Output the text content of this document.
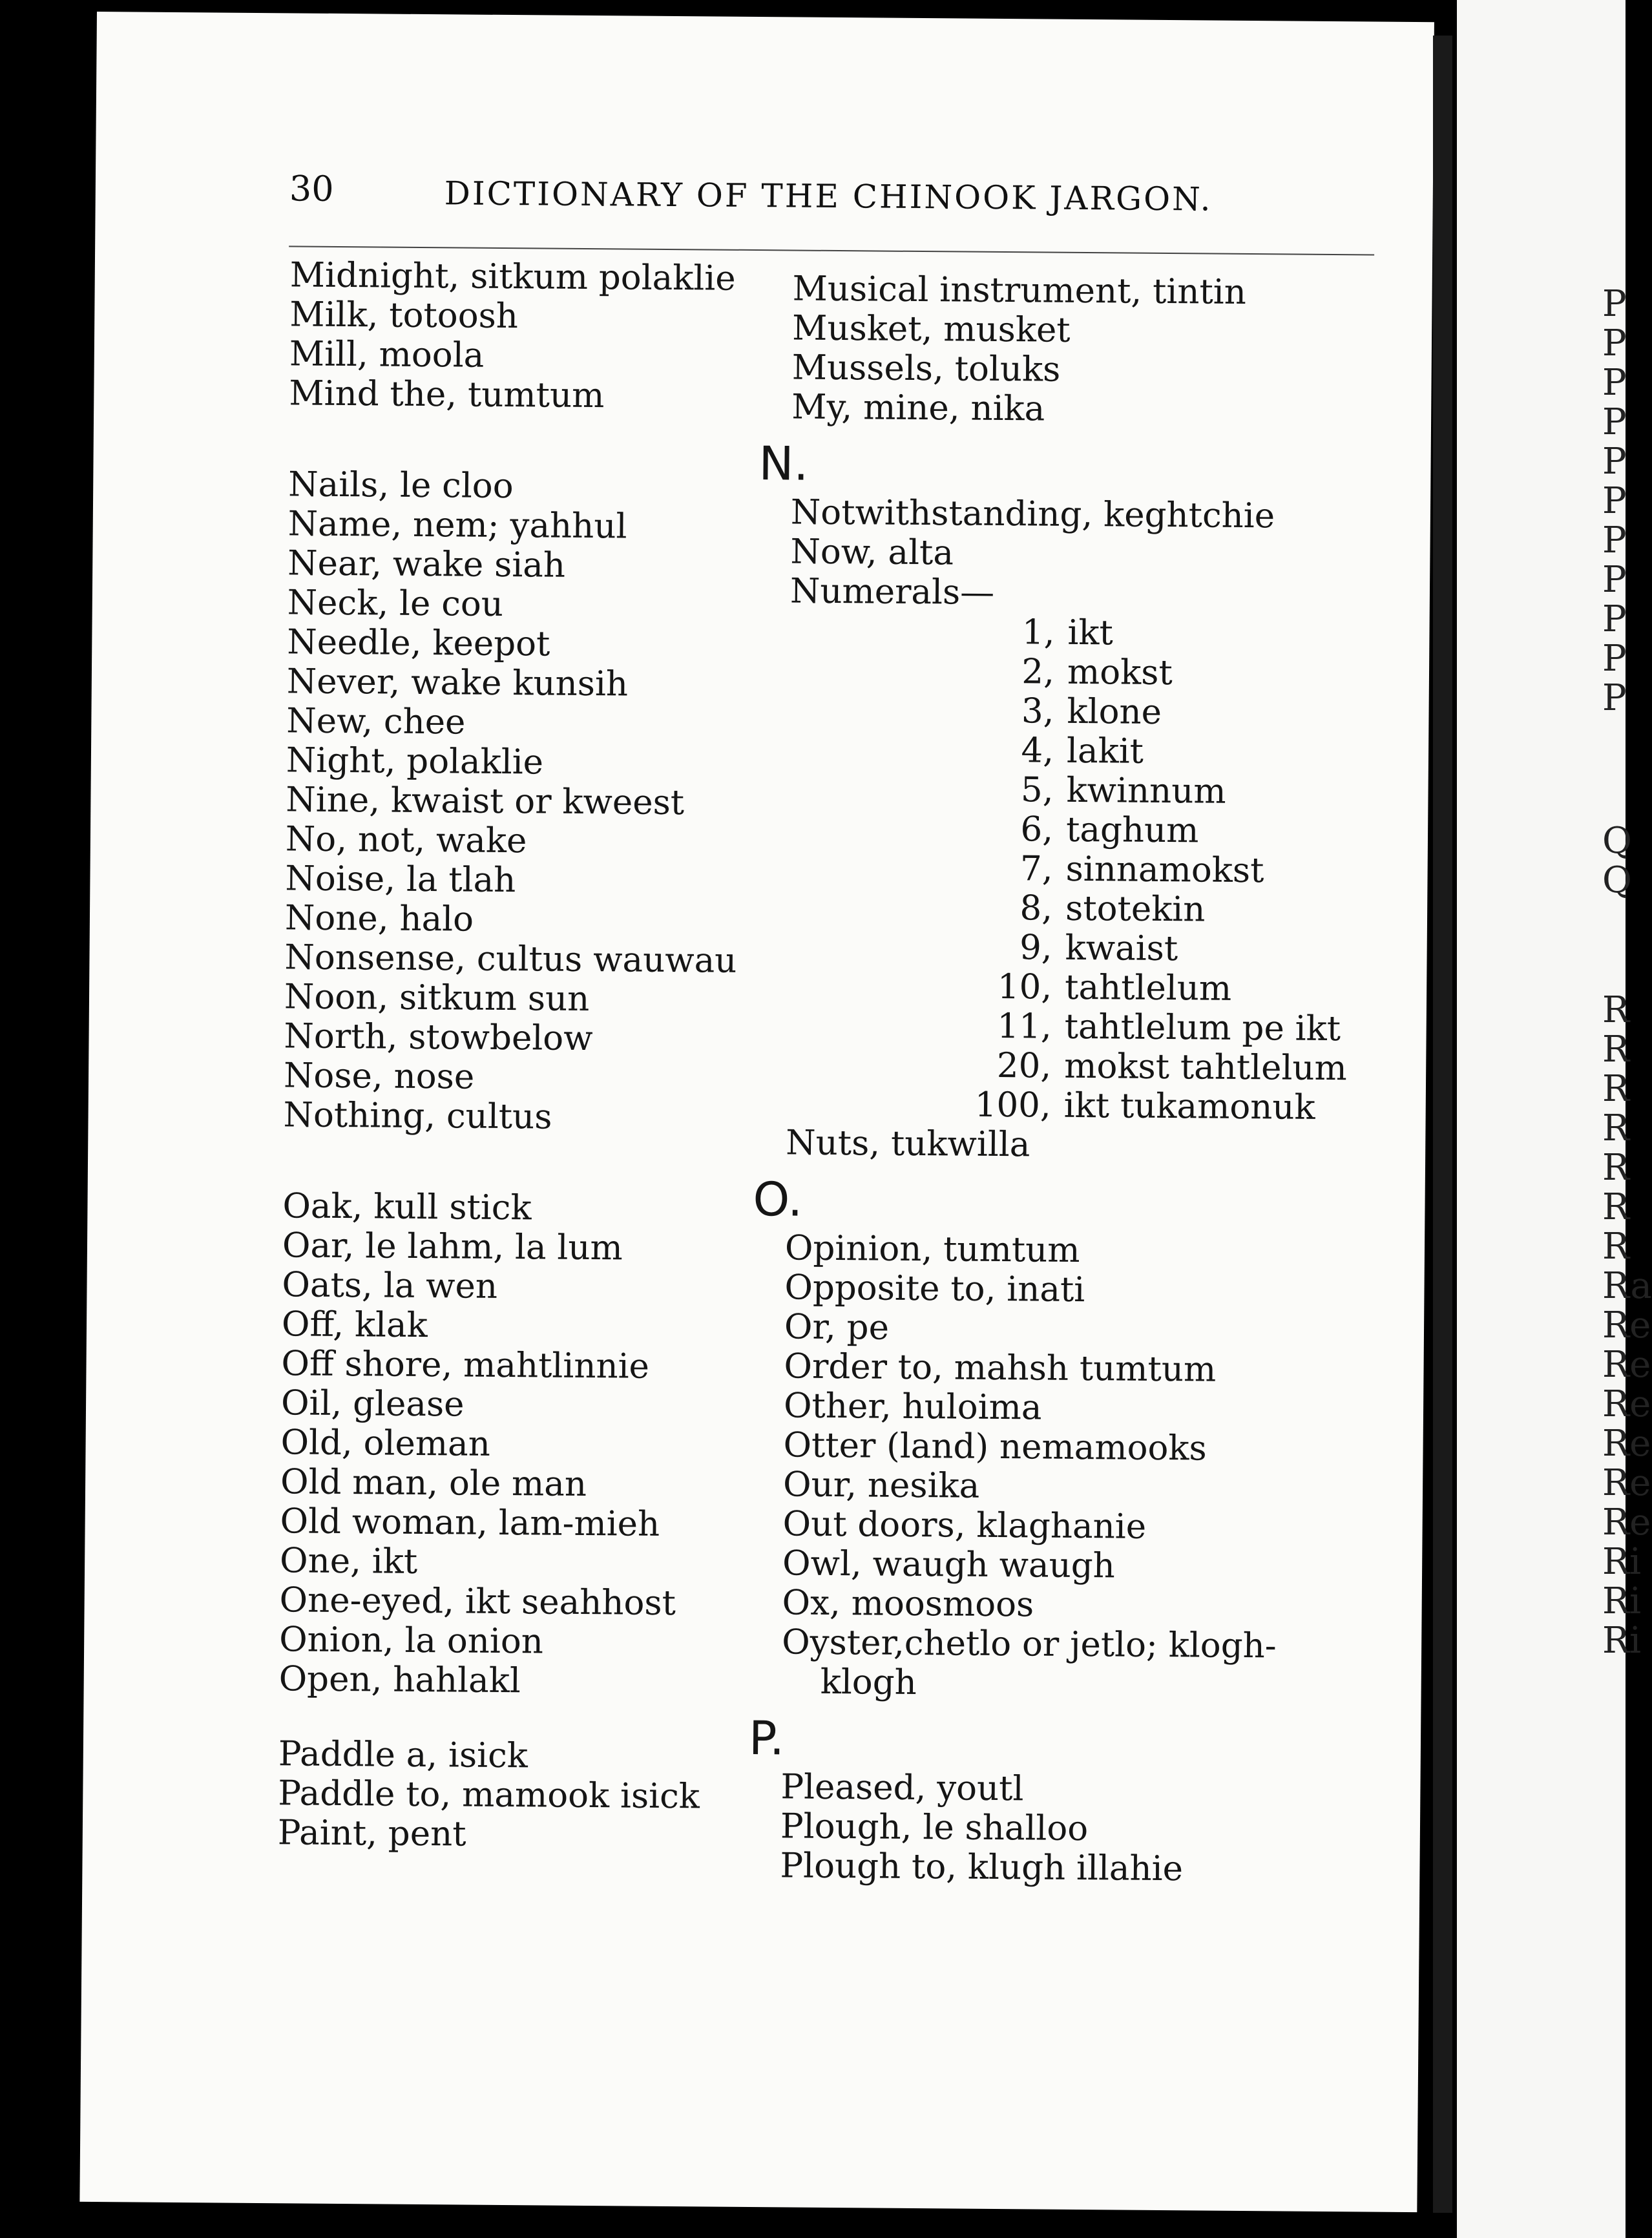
30	DICTIONARY OF THE CHINOOK JARGON.
Midnight, sitkum polaklie
Milk, totoosh
Mill, moola
Mind the, tumtum
Nails, le cloo
Name, nem; yahhul
Near, wake siah
Neck, le cou
Needle, keepot
Never, wake kunsih
New, chee
Night, polaklie
Nine, kwaist or kweest
No, not, wake
Noise, la tlah
None, halo
Nonsense, cultus wauwau
Noon, sitkum sun
North, stowbelow
Nose, nose
Nothing, cultus
Oak, kull stick
Oar, le lahm, la lum
Oats, la wen
Off, klak
Off shore, mahtlinnie
Oil, glease
Old, oleman
Old man, ole man
Old woman, lam-mieh
One, ikt
One-eyed, ikt seahhost
Onion, la onion
Open, hahlakl
Paddle a, isick
Paddle to, mamook isick
Paint, pent
Musical instrument, tintin
Musket, musket
Mussels, toluks
My, mine, nika
N.
Notwithstanding, keghtchie
Now, alta
Numerals—
1, ikt
2, mokst
3, klone
4, lakit
5, kwinnum
6, taghum
7, sinnamokst
8, stotekin
9, kwaist
10, tahtlelum
11, tahtlelum pe ikt
20, mokst tahtlelum
100, ikt tukamonuk
Nuts, tukwilla
O.
Opinion, tumtum
Opposite to, inati
Or, pe
Order to, mahsh tumtum
Other, huloima
Otter (land) nemamooks
Our, nesika
Out doors, klaghanie
Owl, waugh waugh
Ox, moosmoos
Oyster,chetlo or jetlo; klogh-
klogh
P.
Pleased, youtl
Plough, le shalloo
Plough to, klugh illahie
P
P
P
P
P
P
P
P
P
P
P
Q
Q
R
R
R
R
R
R
R
Ra
Re
Re
Re
Re
Re
Re
Ri
Ri
Ri
